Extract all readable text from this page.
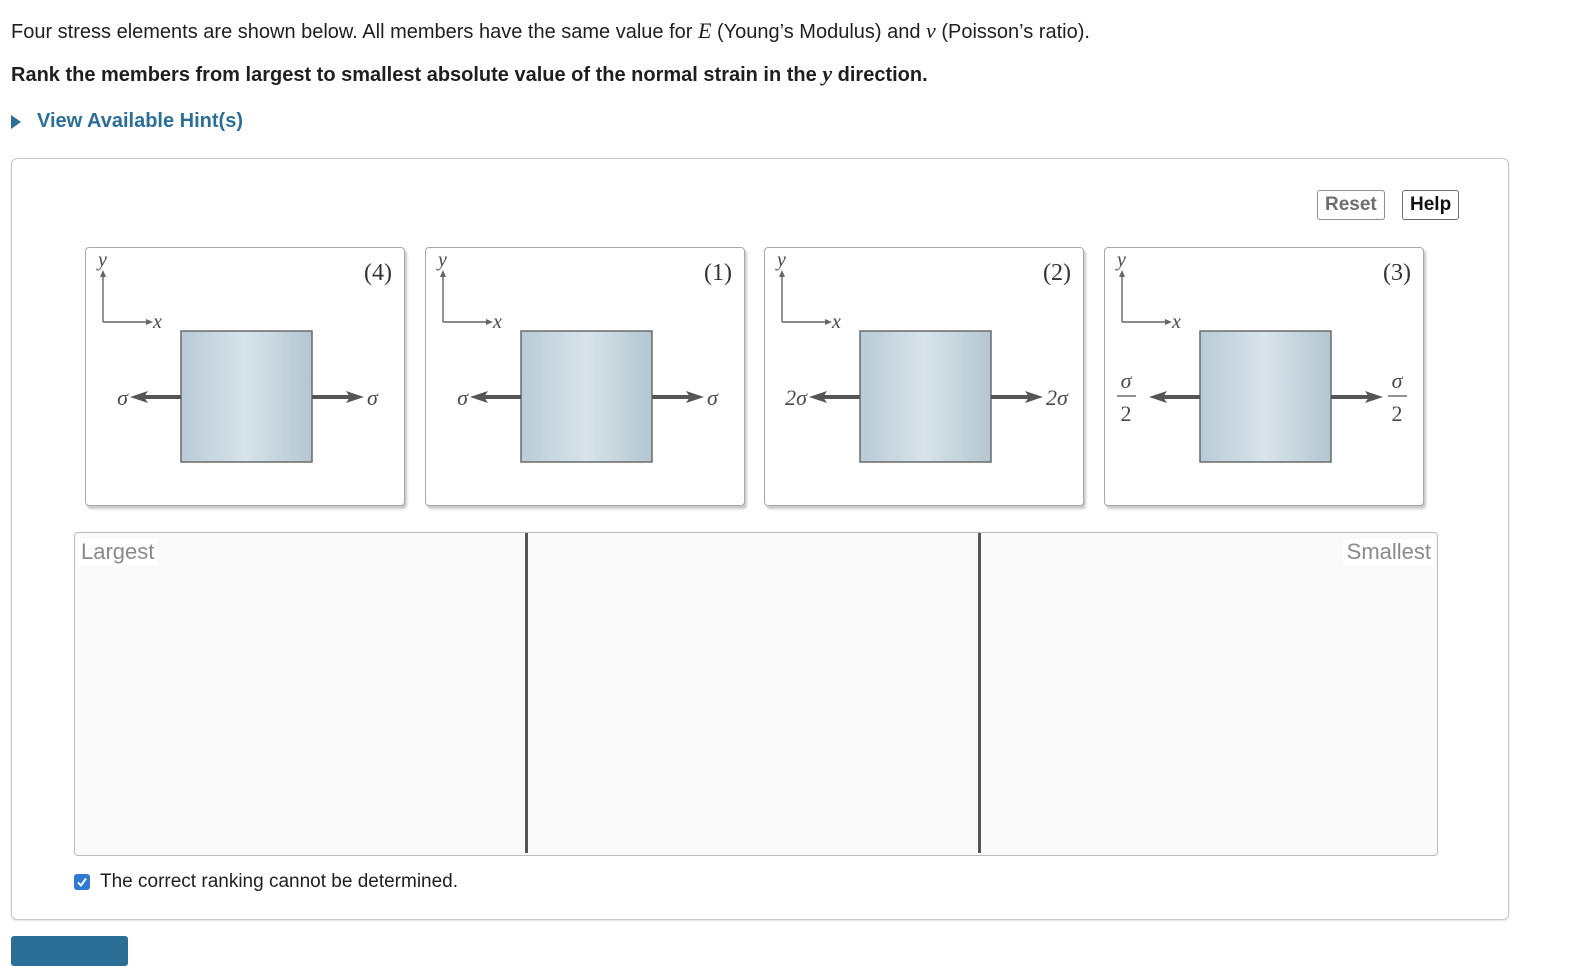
Four stress elements are shown below. All members have the same value for E (Young’s Modulus) and ν (Poisson’s ratio).
Rank the members from largest to smallest absolute value of the normal strain in the y direction.
View Available Hint(s)
Reset	Help
y
x
(4)
σ	σ
y
x
(1)
σ	σ
y
x
(2)
2σ	2σ
y
x
(3)
σ
2
σ
2
Largest	Smallest
The correct ranking cannot be determined.
